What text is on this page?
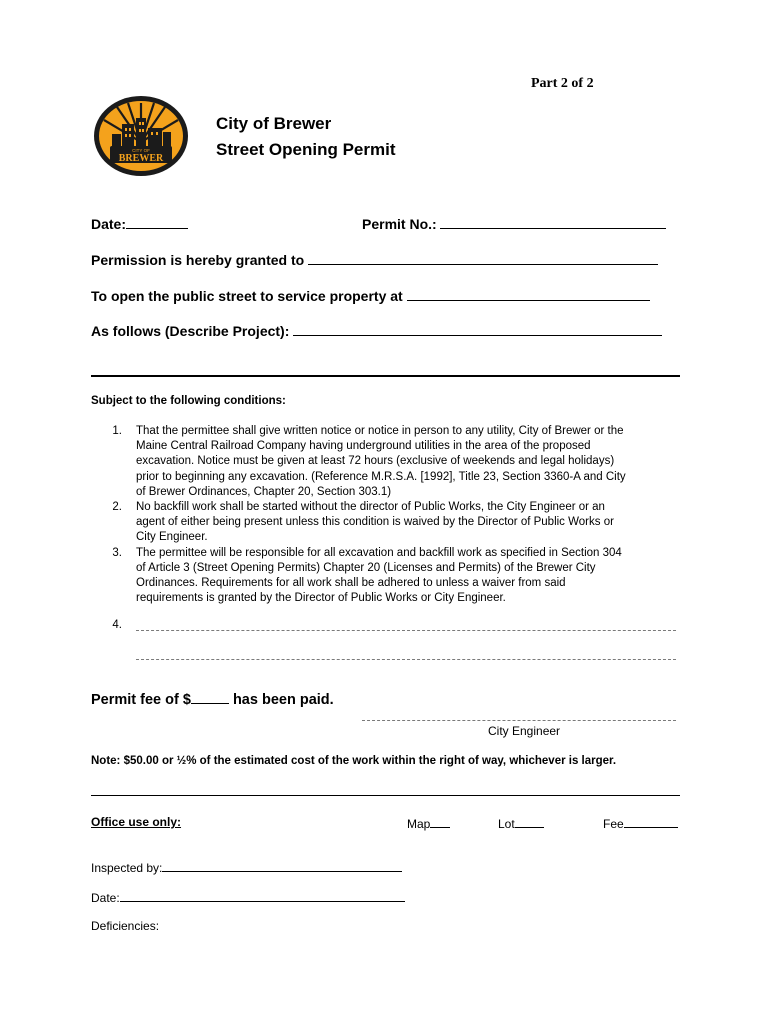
Part 2 of 2
CITY OF
BREWER
City of Brewer
Street Opening Permit
Date:	Permit No.:
Permission is hereby granted to
To open the public street to service property at
As follows (Describe Project):
Subject to the following conditions:
1. That the permittee shall give written notice or notice in person to any utility, City of Brewer or the
Maine Central Railroad Company having underground utilities in the area of the proposed
excavation. Notice must be given at least 72 hours (exclusive of weekends and legal holidays)
prior to beginning any excavation. (Reference M.R.S.A. [1992], Title 23, Section 3360-A and City
of Brewer Ordinances, Chapter 20, Section 303.1)
2. No backfill work shall be started without the director of Public Works, the City Engineer or an
agent of either being present unless this condition is waived by the Director of Public Works or
City Engineer.
3. The permittee will be responsible for all excavation and backfill work as specified in Section 304
of Article 3 (Street Opening Permits) Chapter 20 (Licenses and Permits) of the Brewer City
Ordinances. Requirements for all work shall be adhered to unless a waiver from said
requirements is granted by the Director of Public Works or City Engineer.
4.
Permit fee of $	has been paid.
City Engineer
Note: $50.00 or ½% of the estimated cost of the work within the right of way, whichever is larger.
Office use only:	Map	Lot	Fee
Inspected by:
Date:
Deficiencies:
